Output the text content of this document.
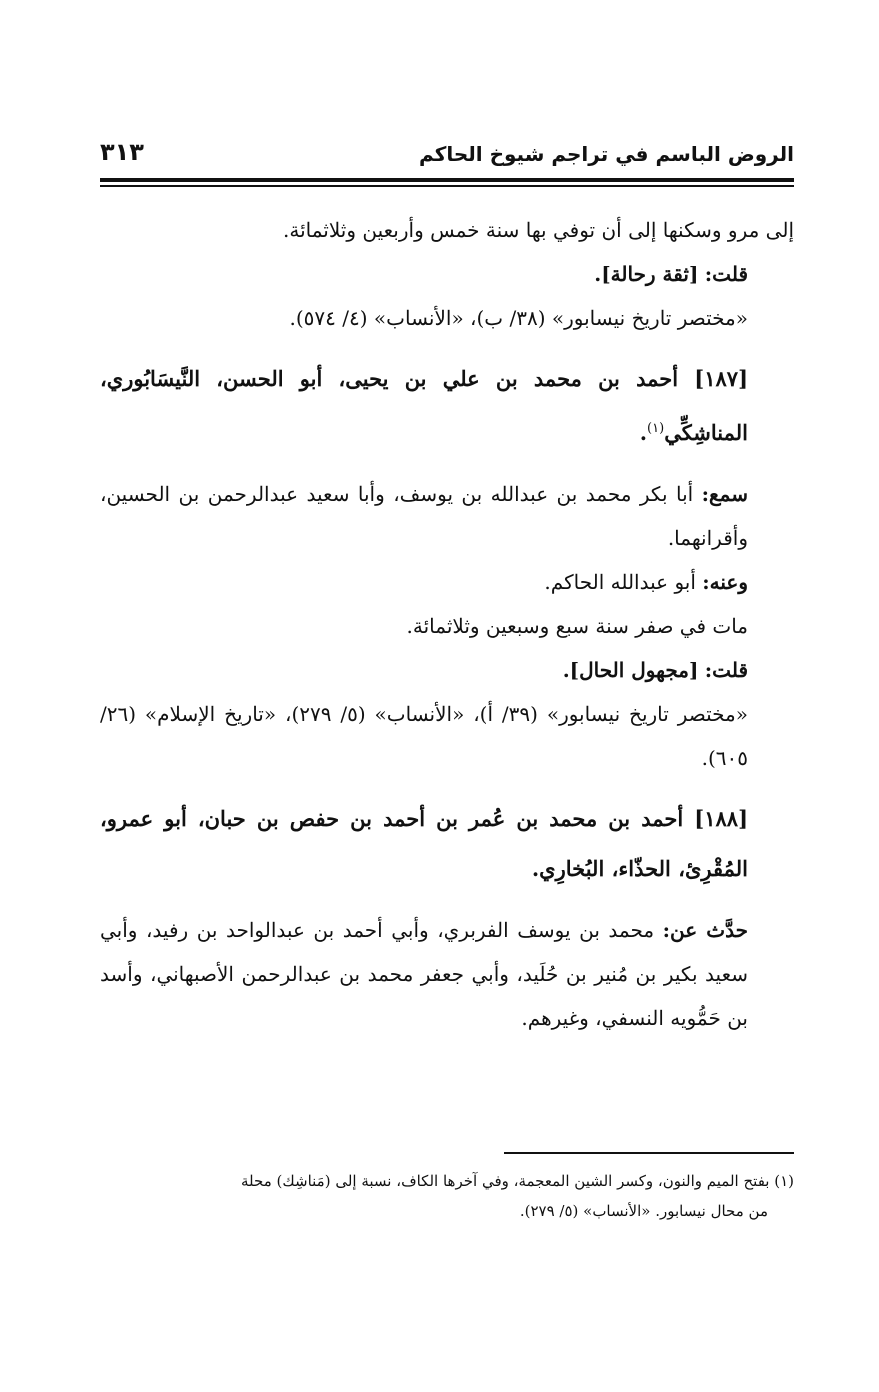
الروض الباسم في تراجم شيوخ الحاكم
٣١٣

إلى مرو وسكنها إلى أن توفي بها سنة خمس وأربعين وثلاثمائة.

قلت: [ثقة رحالة].

«مختصر تاريخ نيسابور» (٣٨/ ب)، «الأنساب» (٤/ ٥٧٤).

[١٨٧] أحمد بن محمد بن علي بن يحيى، أبو الحسن، النَّيسَابُوري، المناشِكِّي$^{(١)}$.

سمع: أبا بكر محمد بن عبدالله بن يوسف، وأبا سعيد عبدالرحمن بن الحسين، وأقرانهما.

وعنه: أبو عبدالله الحاكم.

مات في صفر سنة سبع وسبعين وثلاثمائة.

قلت: [مجهول الحال].

«مختصر تاريخ نيسابور» (٣٩/ أ)، «الأنساب» (٥/ ٢٧٩)، «تاريخ الإسلام» (٢٦/ ٦٠٥).

[١٨٨] أحمد بن محمد بن عُمر بن أحمد بن حفص بن حبان، أبو عمرو، المُقْرِئ، الحذّاء، البُخارِي.

حدَّث عن: محمد بن يوسف الفربري، وأبي أحمد بن عبدالواحد بن رفيد، وأبي سعيد بكير بن مُنير بن حُلَيد، وأبي جعفر محمد بن عبدالرحمن الأصبهاني، وأسد بن حَمُّويه النسفي، وغيرهم.

(١) بفتح الميم والنون، وكسر الشين المعجمة، وفي آخرها الكاف، نسبة إلى (مَناشِك) محلة

من محال نيسابور. «الأنساب» (٥/ ٢٧٩).
